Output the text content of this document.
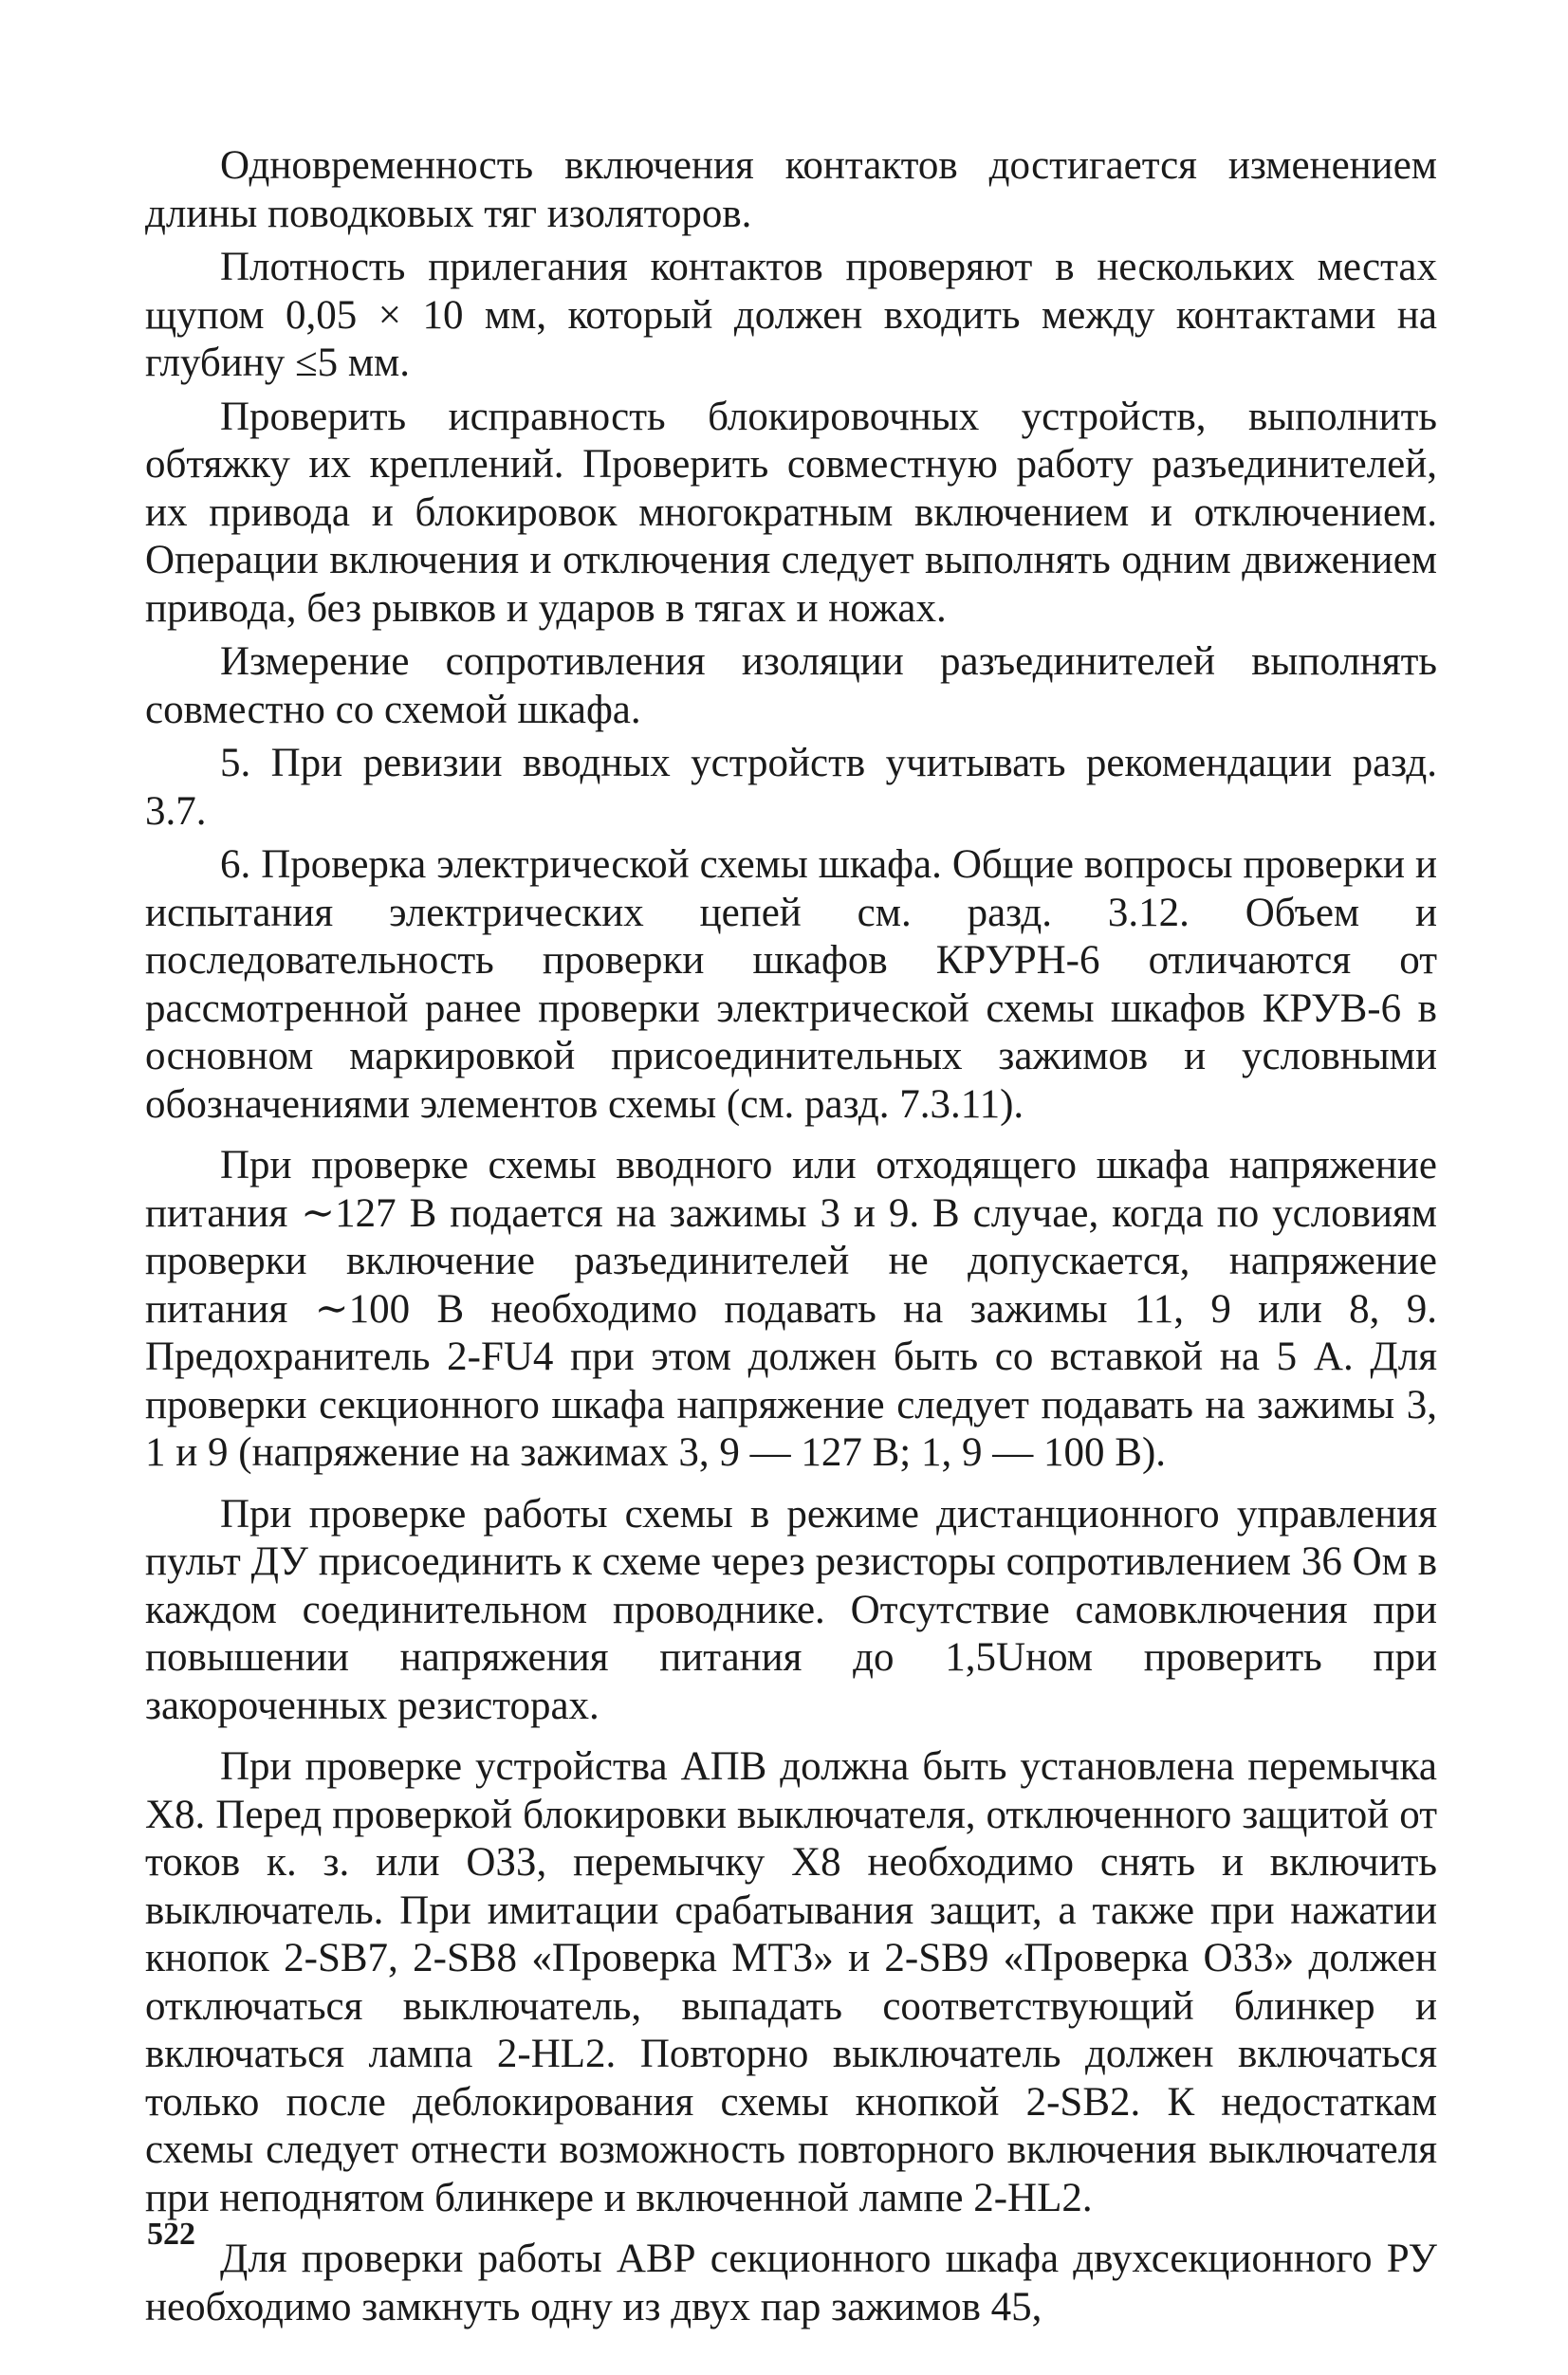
Одновременность включения контактов достигается изменением длины поводковых тяг изоляторов.

Плотность прилегания контактов проверяют в нескольких местах щупом 0,05 × 10 мм, который должен входить между контактами на глубину ≤5 мм.

Проверить исправность блокировочных устройств, выполнить обтяжку их креплений. Проверить совместную работу разъединителей, их привода и блокировок многократным включением и отключением. Операции включения и отключения следует выполнять одним движением привода, без рывков и ударов в тягах и ножах.

Измерение сопротивления изоляции разъединителей выполнять совместно со схемой шкафа.

5. При ревизии вводных устройств учитывать рекомендации разд. 3.7.

6. Проверка электрической схемы шкафа. Общие вопросы проверки и испытания электрических цепей см. разд. 3.12. Объем и последовательность проверки шкафов КРУРН-6 отличаются от рассмотренной ранее проверки электрической схемы шкафов КРУВ-6 в основном маркировкой присоединительных зажимов и условными обозначениями элементов схемы (см. разд. 7.3.11).

При проверке схемы вводного или отходящего шкафа напряжение питания ∼127 В подается на зажимы 3 и 9. В случае, когда по условиям проверки включение разъединителей не допускается, напряжение питания ∼100 В необходимо подавать на зажимы 11, 9 или 8, 9. Предохранитель 2-FU4 при этом должен быть со вставкой на 5 А. Для проверки секционного шкафа напряжение следует подавать на зажимы 3, 1 и 9 (напряжение на зажимах 3, 9 — 127 В; 1, 9 — 100 В).

При проверке работы схемы в режиме дистанционного управления пульт ДУ присоединить к схеме через резисторы сопротивлением 36 Ом в каждом соединительном проводнике. Отсутствие самовключения при повышении напряжения питания до 1,5Uном проверить при закороченных резисторах.

При проверке устройства АПВ должна быть установлена перемычка X8. Перед проверкой блокировки выключателя, отключенного защитой от токов к. з. или ОЗЗ, перемычку X8 необходимо снять и включить выключатель. При имитации срабатывания защит, а также при нажатии кнопок 2-SB7, 2-SB8 «Проверка МТЗ» и 2-SB9 «Проверка ОЗЗ» должен отключаться выключатель, выпадать соответствующий блинкер и включаться лампа 2-HL2. Повторно выключатель должен включаться только после деблокирования схемы кнопкой 2-SB2. К недостаткам схемы следует отнести возможность повторного включения выключателя при неподнятом блинкере и включенной лампе 2-HL2.

Для проверки работы АВР секционного шкафа двухсекционного РУ необходимо замкнуть одну из двух пар зажимов 45,

522
